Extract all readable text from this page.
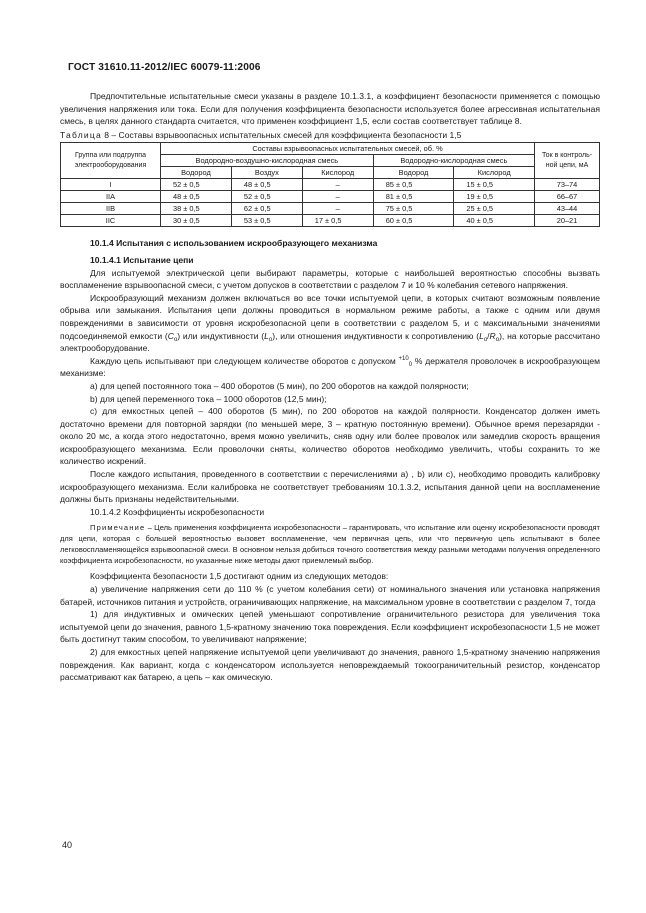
ГОСТ 31610.11-2012/IEC 60079-11:2006

Предпочтительные испытательные смеси указаны в разделе 10.1.3.1, а коэффициент безопасности применяется с помощью увеличения напряжения или тока. Если для получения коэффициента безопасности используется более агрессивная испытательная смесь, в целях данного стандарта считается, что применен коэффициент 1,5, если состав соответствует таблице 8.

Таблица 8 – Составы взрывоопасных испытательных смесей для коэффициента безопасности 1,5

Группа или подгруппа электрооборудования	Составы взрывоопасных испытательных смесей, об. %					Ток в контроль-ной цепи, мА
	Водородно-воздушно-кислородная смесь			Водородно-кислородная смесь		
	Водород	Воздух	Кислород	Водород	Кислород	
I	52 ± 0,5	48 ± 0,5	–	85 ± 0,5	15 ± 0,5	73–74
IIA	48 ± 0,5	52 ± 0,5	–	81 ± 0,5	19 ± 0,5	66–67
IIB	38 ± 0,5	62 ± 0,5	–	75 ± 0,5	25 ± 0,5	43–44
IIC	30 ± 0,5	53 ± 0,5	17 ± 0,5	60 ± 0,5	40 ± 0,5	20–21

10.1.4 Испытания с использованием искрообразующего механизма

10.1.4.1 Испытание цепи

Для испытуемой электрической цепи выбирают параметры, которые с наибольшей вероятностью способны вызвать воспламенение взрывоопасной смеси, с учетом допусков в соответствии с разделом 7 и 10 % колебания сетевого напряжения.

Искрообразующий механизм должен включаться во все точки испытуемой цепи, в которых считают возможным появление обрыва или замыкания. Испытания цепи должны проводиться в нормальном режиме работы, а также с одним или двумя повреждениями в зависимости от уровня искробезопасной цепи в соответствии с разделом 5, и с максимальными значениями подсоединяемой емкости $(C_o)$ или индуктивности $(L_o)$, или отношения индуктивности к сопротивлению $(L_o/R_o)$, на которые рассчитано электрооборудование.

Каждую цепь испытывают при следующем количестве оборотов с допуском $^{+10}_0$ % держателя проволочек в искрообразующем механизме:

а) для цепей постоянного тока – 400 оборотов (5 мин), по 200 оборотов на каждой полярности;

b) для цепей переменного тока – 1000 оборотов (12,5 мин);

с) для емкостных цепей – 400 оборотов (5 мин), по 200 оборотов на каждой полярности. Конденсатор должен иметь достаточно времени для повторной зарядки (по меньшей мере, 3 – кратную постоянную времени). Обычное время перезарядки - около 20 мс, а когда этого недостаточно, время можно увеличить, сняв одну или более проволок или замедлив скорость вращения искрообразующего механизма. Если проволочки сняты, количество оборотов необходимо увеличить, чтобы сохранить то же количество искрений.

После каждого испытания, проведенного в соответствии с перечислениями а) , b) или с), необходимо проводить калибровку искрообразующего механизма. Если калибровка не соответствует требованиям 10.1.3.2, испытания данной цепи на воспламенение должны быть признаны недействительными.

10.1.4.2 Коэффициенты искробезопасности

Примечание – Цель применения коэффициента искробезопасности – гарантировать, что испытание или оценку искробезопасности проводят для цепи, которая с большей вероятностью вызовет воспламенение, чем первичная цепь, или что первичную цепь испытывают в более легковоспламеняющейся взрывоопасной смеси. В основном нельзя добиться точного соответствия между разными методами получения определенного коэффициента искробезопасности, но указанные ниже методы дают приемлемый выбор.

Коэффициента безопасности 1,5 достигают одним из следующих методов:

а) увеличение напряжения сети до 110 % (с учетом колебания сети) от номинального значения или установка напряжения батарей, источников питания и устройств, ограничивающих напряжение, на максимальном уровне в соответствии с разделом 7, тогда

1) для индуктивных и омических цепей уменьшают сопротивление ограничительного резистора для увеличения тока испытуемой цепи до значения, равного 1,5-кратному значению тока повреждения. Если коэффициент искробезопасности 1,5 не может быть достигнут таким способом, то увеличивают напряжение;

2) для емкостных цепей напряжение испытуемой цепи увеличивают до значения, равного 1,5-кратному значению напряжения повреждения. Как вариант, когда с конденсатором используется неповреждаемый токоограничительный резистор, конденсатор рассматривают как батарею, а цепь – как омическую.

40
